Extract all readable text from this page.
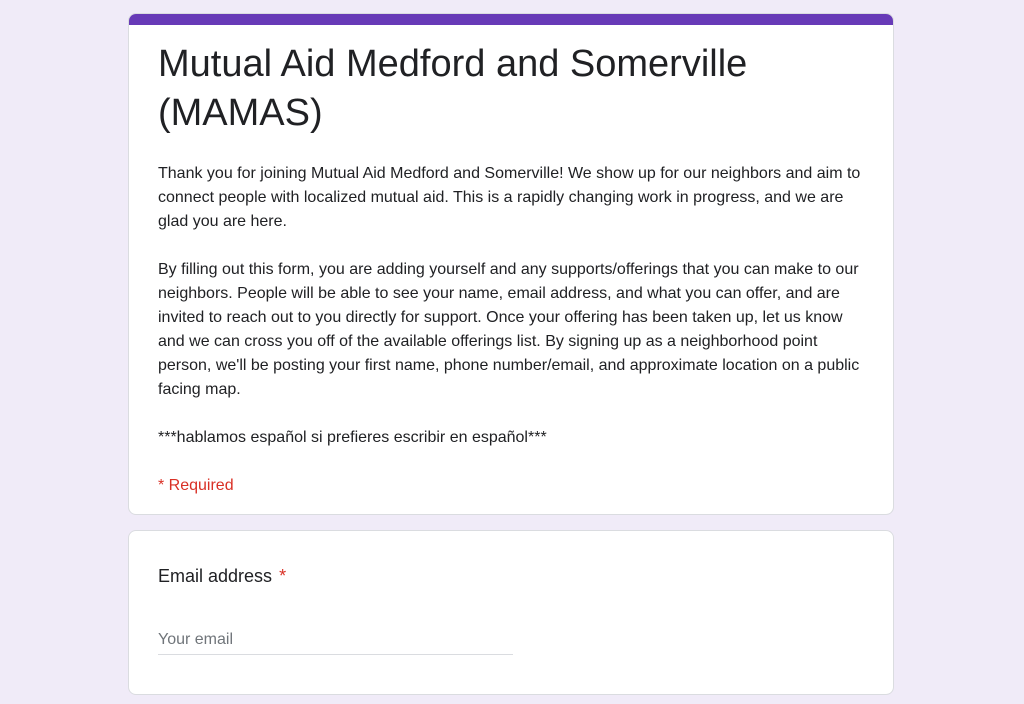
Mutual Aid Medford and Somerville (MAMAS)

Thank you for joining Mutual Aid Medford and Somerville! We show up for our neighbors and aim to connect people with localized mutual aid. This is a rapidly changing work in progress, and we are glad you are here.

By filling out this form, you are adding yourself and any supports/offerings that you can make to our neighbors. People will be able to see your name, email address, and what you can offer, and are invited to reach out to you directly for support. Once your offering has been taken up, let us know and we can cross you off of the available offerings list. By signing up as a neighborhood point person, we'll be posting your first name, phone number/email, and approximate location on a public facing map.

***hablamos español si prefieres escribir en español***

* Required
Email address *
Your email
